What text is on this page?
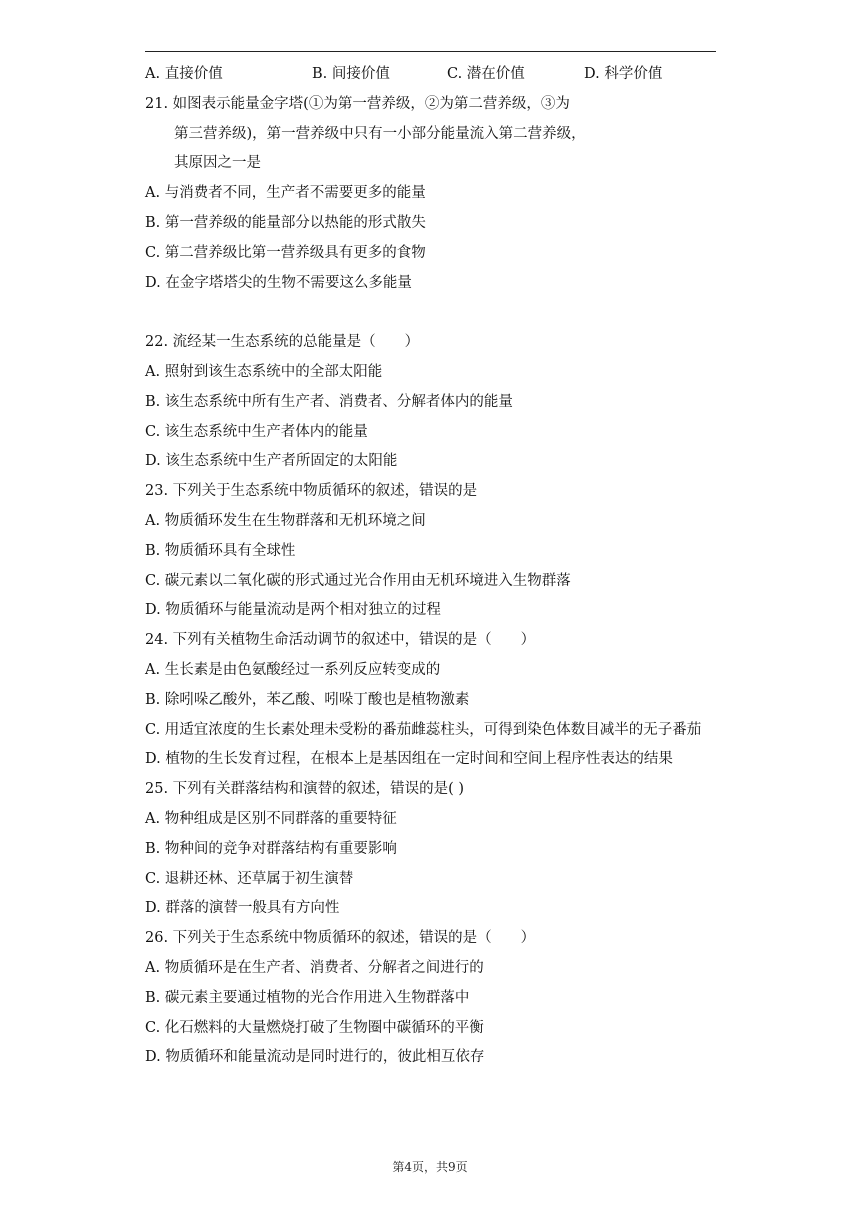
A. 直接价值	B. 间接价值	C. 潜在价值	D. 科学价值
21. 如图表示能量金字塔(①为第一营养级，②为第二营养级，③为
第三营养级)，第一营养级中只有一小部分能量流入第二营养级，
其原因之一是
A. 与消费者不同，生产者不需要更多的能量
B. 第一营养级的能量部分以热能的形式散失
C. 第二营养级比第一营养级具有更多的食物
D. 在金字塔塔尖的生物不需要这么多能量
22. 流经某一生态系统的总能量是（　　）
A. 照射到该生态系统中的全部太阳能
B. 该生态系统中所有生产者、消费者、分解者体内的能量
C. 该生态系统中生产者体内的能量
D. 该生态系统中生产者所固定的太阳能
23. 下列关于生态系统中物质循环的叙述，错误的是
A. 物质循环发生在生物群落和无机环境之间
B. 物质循环具有全球性
C. 碳元素以二氧化碳的形式通过光合作用由无机环境进入生物群落
D. 物质循环与能量流动是两个相对独立的过程
24. 下列有关植物生命活动调节的叙述中，错误的是（　　）
A. 生长素是由色氨酸经过一系列反应转变成的
B. 除吲哚乙酸外，苯乙酸、吲哚丁酸也是植物激素
C. 用适宜浓度的生长素处理未受粉的番茄雌蕊柱头，可得到染色体数目减半的无子番茄
D. 植物的生长发育过程，在根本上是基因组在一定时间和空间上程序性表达的结果
25. 下列有关群落结构和演替的叙述，错误的是( )
A. 物种组成是区别不同群落的重要特征
B. 物种间的竞争对群落结构有重要影响
C. 退耕还林、还草属于初生演替
D. 群落的演替一般具有方向性
26. 下列关于生态系统中物质循环的叙述，错误的是（　　）
A. 物质循环是在生产者、消费者、分解者之间进行的
B. 碳元素主要通过植物的光合作用进入生物群落中
C. 化石燃料的大量燃烧打破了生物圈中碳循环的平衡
D. 物质循环和能量流动是同时进行的，彼此相互依存
第4页，共9页
